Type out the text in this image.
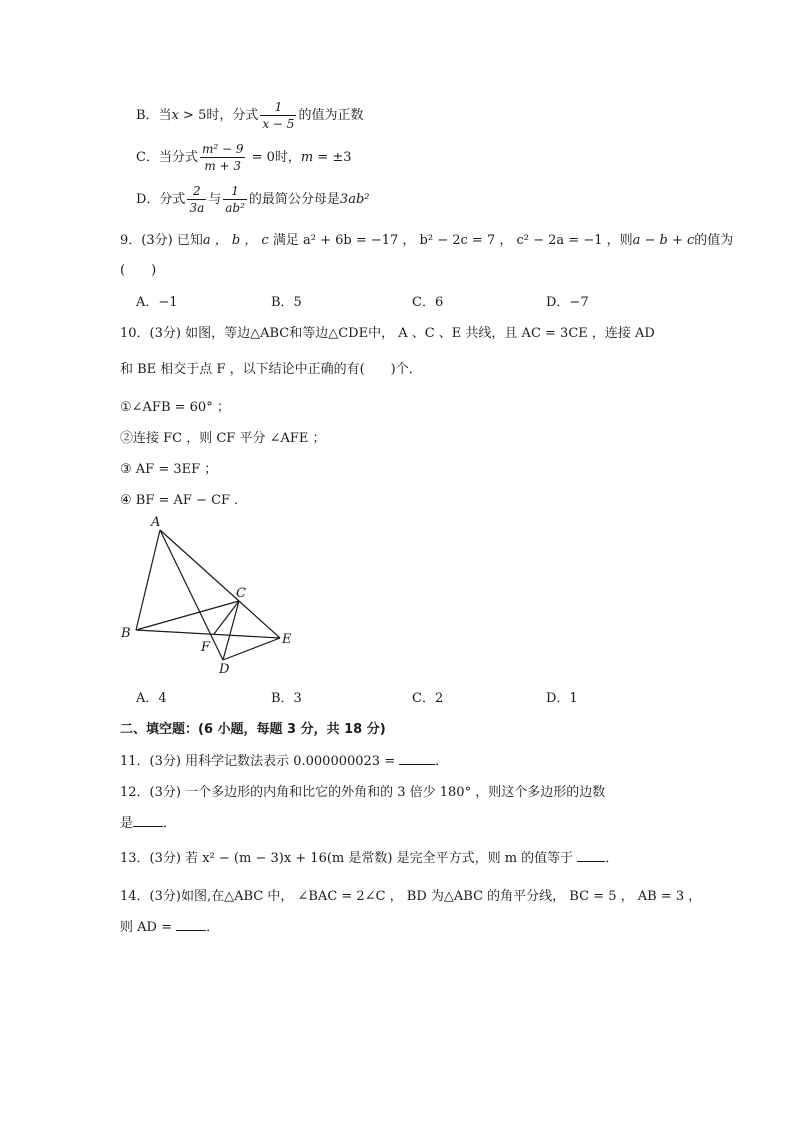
B．当x > 5时，分式 $\frac{1}{x - 5}$ 的值为正数
C．当分式 $\frac{\text{m² − 9}}{m + 3} = 0$时，m = ±3
D．分式 $\frac{2}{3a}$ 与 $\frac{1}{\text{ab²}}$ 的最简公分母是3ab²
9．(3分) 已知a ， b ， c 满足 a² + 6b = −17 ， b² − 2c = 7 ， c² − 2a = −1 ，则a − b + c的值为
(　　)
A．−1	B．5	C．6	D．−7
10．(3分) 如图，等边△ABC和等边△CDE中， A 、C 、E 共线，且 AC = 3CE ，连接 AD
和 BE 相交于点 F ，以下结论中正确的有(　　)个．
①∠AFB = 60° ；
②连接 FC ，则 CF 平分 ∠AFE ；
③ AF = 3EF ；
④ BF = AF − CF ．
A
B
C
D
E
F
A．4	B．3	C．2	D．1
二、填空题：(6 小题，每题 3 分，共 18 分)
11．(3分) 用科学记数法表示 0.000000023 =	．
12．(3分) 一个多边形的内角和比它的外角和的 3 倍少 180° ，则这个多边形的边数
是 ．
13．(3分) 若 x² − (m − 3)x + 16(m 是常数) 是完全平方式，则 m 的值等于 ．
14．(3分)如图,在△ABC 中， ∠BAC = 2∠C ， BD 为△ABC 的角平分线， BC = 5 ， AB = 3 ，
则 AD = ．
